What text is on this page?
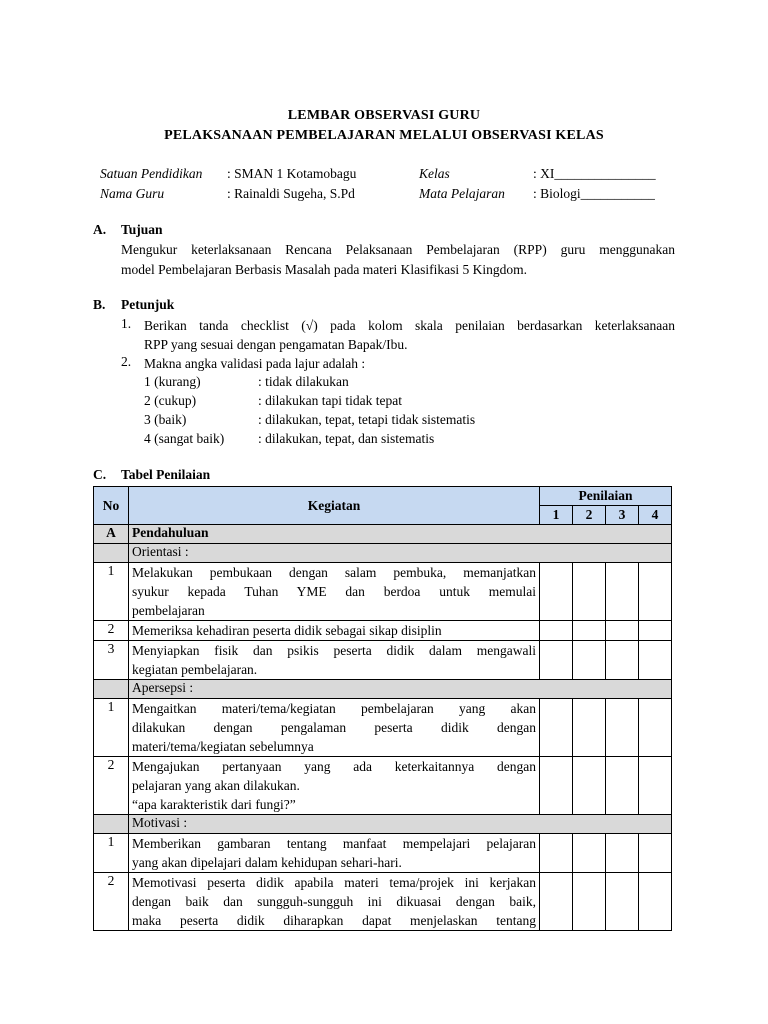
LEMBAR OBSERVASI GURU
PELAKSANAAN PEMBELAJARAN MELALUI OBSERVASI KELAS
Satuan Pendidikan : SMAN 1 Kotamobagu	Kelas	: XI_______________
Nama Guru	: Rainaldi Sugeha, S.Pd	Mata Pelajaran : Biologi___________
A. Tujuan
Mengukur keterlaksanaan Rencana Pelaksanaan Pembelajaran (RPP) guru menggunakan
model Pembelajaran Berbasis Masalah pada materi Klasifikasi 5 Kingdom.
B. Petunjuk
1. Berikan tanda checklist (√) pada kolom skala penilaian berdasarkan keterlaksanaan
RPP yang sesuai dengan pengamatan Bapak/Ibu.
2. Makna angka validasi pada lajur adalah :
1 (kurang)	: tidak dilakukan
2 (cukup)	: dilakukan tapi tidak tepat
3 (baik)	: dilakukan, tepat, tetapi tidak sistematis
4 (sangat baik)	: dilakukan, tepat, dan sistematis
C. Tabel Penilaian
No	Kegiatan	Penilaian			
		1	2	3	4
A	Pendahuluan				
	Orientasi :				
1	Melakukan pembukaan dengan salam pembuka, memanjatkan
syukur kepada Tuhan YME dan berdoa untuk memulai
pembelajaran				

2	Memeriksa kehadiran peserta didik sebagai sikap disiplin				

3	Menyiapkan fisik dan psikis peserta didik dalam mengawali
kegiatan pembelajaran.				

	Apersepsi :				
1	Mengaitkan materi/tema/kegiatan pembelajaran yang akan
dilakukan dengan pengalaman peserta didik dengan
materi/tema/kegiatan sebelumnya				

2	Mengajukan pertanyaan yang ada keterkaitannya dengan
pelajaran yang akan dilakukan.
“apa karakteristik dari fungi?”				

	Motivasi :				
1	Memberikan gambaran tentang manfaat mempelajari pelajaran
yang akan dipelajari dalam kehidupan sehari-hari.				

2	Memotivasi peserta didik apabila materi tema/projek ini kerjakan
dengan baik dan sungguh-sungguh ini dikuasai dengan baik,
maka peserta didik diharapkan dapat menjelaskan tentang				
